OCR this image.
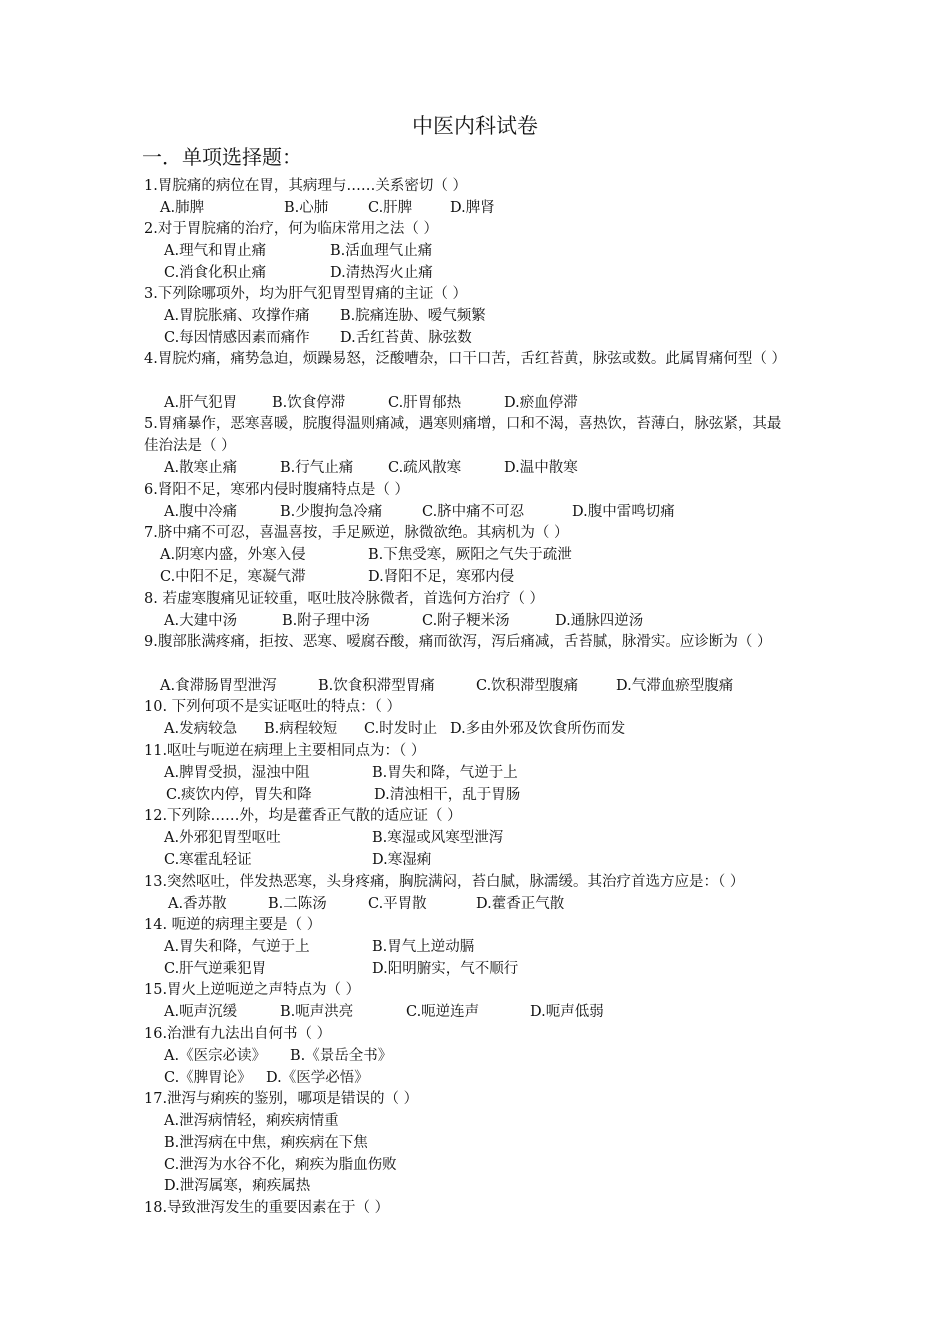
中医内科试卷
一．单项选择题：
1.胃脘痛的病位在胃，其病理与……关系密切（ ）
A.肺脾	B.心肺	C.肝脾	D.脾肾
2.对于胃脘痛的治疗，何为临床常用之法（ ）
A.理气和胃止痛	B.活血理气止痛
C.消食化积止痛	D.清热泻火止痛
3.下列除哪项外，均为肝气犯胃型胃痛的主证（ ）
A.胃脘胀痛、攻撑作痛 B.脘痛连胁、嗳气频繁
C.每因情感因素而痛作 D.舌红苔黄、脉弦数
4.胃脘灼痛，痛势急迫，烦躁易怒，泛酸嘈杂，口干口苦，舌红苔黄，脉弦或数。此属胃痛何型（ ）
A.肝气犯胃 B.饮食停滞	C.肝胃郁热	D.瘀血停滞
5.胃痛暴作，恶寒喜暖，脘腹得温则痛减，遇寒则痛增，口和不渴，喜热饮，苔薄白，脉弦紧，其最佳治法是（ ）
A.散寒止痛	B.行气止痛 C.疏风散寒	D.温中散寒
6.肾阳不足，寒邪内侵时腹痛特点是（ ）
A.腹中冷痛	B.少腹拘急冷痛	C.脐中痛不可忍	D.腹中雷鸣切痛
7.脐中痛不可忍，喜温喜按，手足厥逆，脉微欲绝。其病机为（ ）
A.阴寒内盛，外寒入侵	B.下焦受寒，厥阳之气失于疏泄
C.中阳不足，寒凝气滞	D.肾阳不足，寒邪内侵
8. 若虚寒腹痛见证较重，呕吐肢冷脉微者，首选何方治疗（ ）
A.大建中汤	B.附子理中汤	C.附子粳米汤	D.通脉四逆汤
9.腹部胀满疼痛，拒按、恶寒、嗳腐吞酸，痛而欲泻，泻后痛减，舌苔腻，脉滑实。应诊断为（ ）
A.食滞肠胃型泄泻	B.饮食积滞型胃痛	C.饮积滞型腹痛	D.气滞血瘀型腹痛
10. 下列何项不是实证呕吐的特点：（ ）
A.发病较急 B.病程较短 C.时发时止 D.多由外邪及饮食所伤而发
11.呕吐与呃逆在病理上主要相同点为：（ ）
A.脾胃受损，湿浊中阻	B.胃失和降，气逆于上
C.痰饮内停，胃失和降	D.清浊相干，乱于胃肠
12.下列除……外，均是藿香正气散的适应证（ ）
A.外邪犯胃型呕吐	B.寒湿或风寒型泄泻
C.寒霍乱轻证	D.寒湿痢
13.突然呕吐，伴发热恶寒，头身疼痛，胸脘满闷，苔白腻，脉濡缓。其治疗首选方应是：（ ）
A.香苏散	B.二陈汤	C.平胃散	D.藿香正气散
14. 呃逆的病理主要是（ ）
A.胃失和降，气逆于上	B.胃气上逆动膈
C.肝气逆乘犯胃	D.阳明腑实，气不顺行
15.胃火上逆呃逆之声特点为（ ）
A.呃声沉缓	B.呃声洪亮	C.呃逆连声	D.呃声低弱
16.治泄有九法出自何书（ ）
A.《医宗必读》 B.《景岳全书》
C.《脾胃论》 D.《医学必悟》
17.泄泻与痢疾的鉴别，哪项是错误的（ ）
A.泄泻病情轻，痢疾病情重
B.泄泻病在中焦，痢疾病在下焦
C.泄泻为水谷不化，痢疾为脂血伤败
D.泄泻属寒，痢疾属热
18.导致泄泻发生的重要因素在于（ ）
